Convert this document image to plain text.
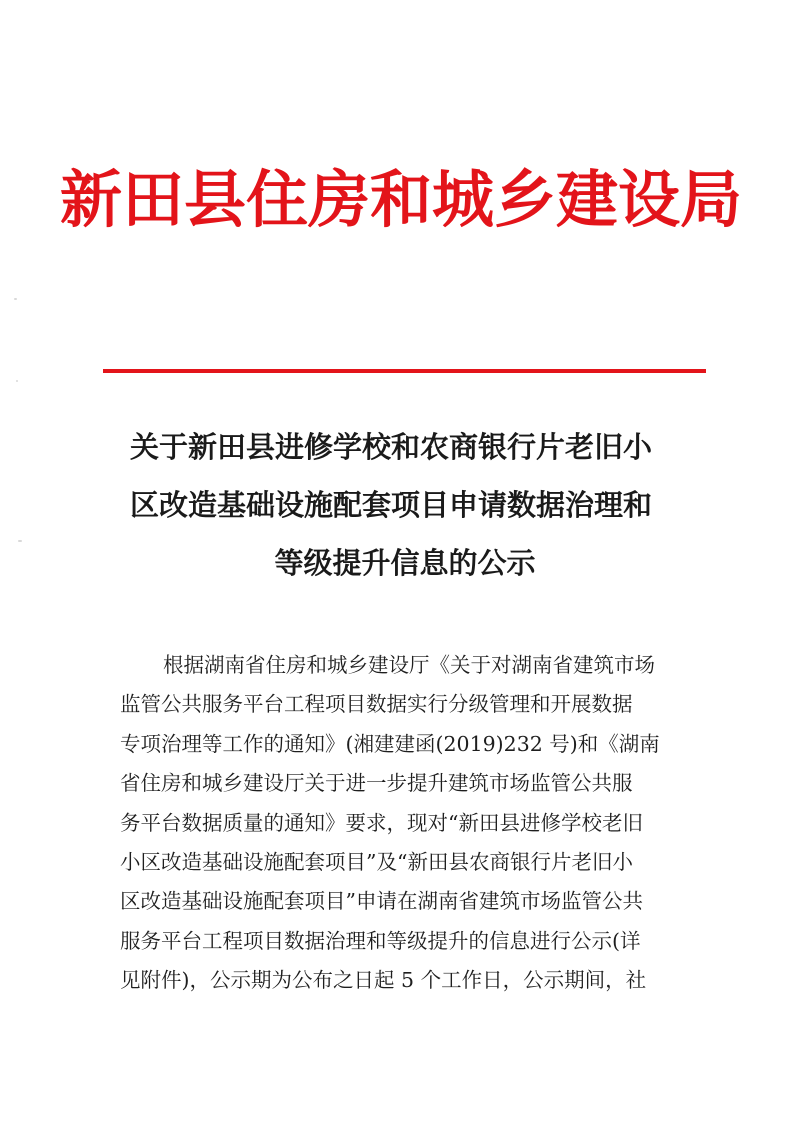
新田县住房和城乡建设局
关于新田县进修学校和农商银行片老旧小
区改造基础设施配套项目申请数据治理和
等级提升信息的公示
根据湖南省住房和城乡建设厅《关于对湖南省建筑市场
监管公共服务平台工程项目数据实行分级管理和开展数据
专项治理等工作的通知》(湘建建函(2019)232 号)和《湖南
省住房和城乡建设厅关于进一步提升建筑市场监管公共服
务平台数据质量的通知》要求，现对“新田县进修学校老旧
小区改造基础设施配套项目”及“新田县农商银行片老旧小
区改造基础设施配套项目”申请在湖南省建筑市场监管公共
服务平台工程项目数据治理和等级提升的信息进行公示(详
见附件)，公示期为公布之日起 5 个工作日，公示期间，社
